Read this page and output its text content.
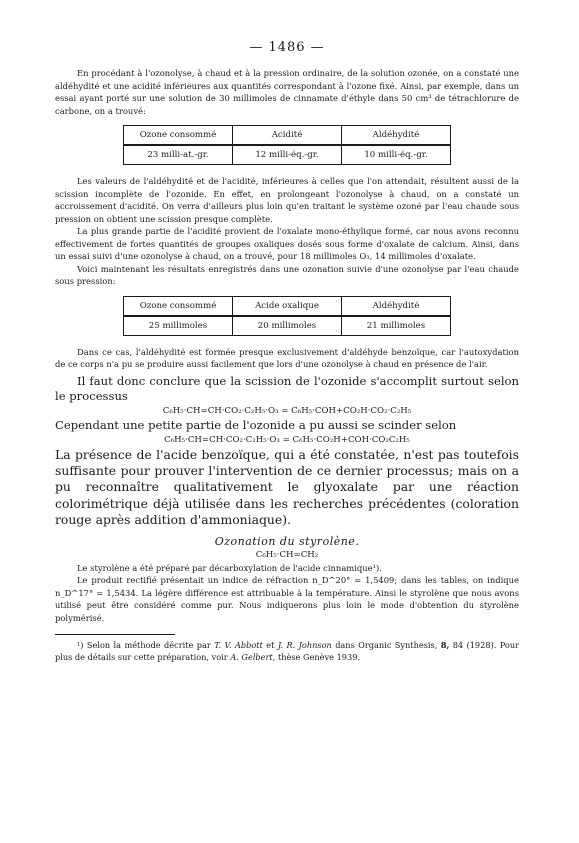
— 1486 —

En procédant à l'ozonolyse, à chaud et à la pression ordinaire, de la solution ozonée, on a constaté une aldéhydité et une acidité inférieures aux quantités correspondant à l'ozone fixé. Ainsi, par exemple, dans un essai ayant porté sur une solution de 30 millimoles de cinnamate d'éthyle dans 50 cm³ de tétrachlorure de carbone, on a trouvé:

Ozone consommé	Acidité	Aldéhydité
23 milli-at.-gr.	12 milli-éq.-gr.	10 milli-éq.-gr.

Les valeurs de l'aldéhydité et de l'acidité, inférieures à celles que l'on attendait, résultent aussi de la scission incomplète de l'ozonide. En effet, en prolongeant l'ozonolyse à chaud, on a constaté un accroissement d'acidité. On verra d'ailleurs plus loin qu'en traitant le système ozoné par l'eau chaude sous pression on obtient une scission presque complète.

La plus grande partie de l'acidité provient de l'oxalate mono-éthylique formé, car nous avons reconnu effectivement de fortes quantités de groupes oxaliques dosés sous forme d'oxalate de calcium. Ainsi, dans un essai suivi d'une ozonolyse à chaud, on a trouvé, pour 18 millimoles O₃, 14 millimoles d'oxalate.

Voici maintenant les résultats enregistrés dans une ozonation suivie d'une ozonolyse par l'eau chaude sous pression:

Ozone consommé	Acide oxalique	Aldéhydité
25 millimoles	20 millimoles	21 millimoles

Dans ce cas, l'aldéhydité est formée presque exclusivement d'aldéhyde benzoïque, car l'autoxydation de ce corps n'a pu se produire aussi facilement que lors d'une ozonolyse à chaud en présence de l'air.

Il faut donc conclure que la scission de l'ozonide s'accomplit surtout selon le processus

C₆H₅·CH=CH·CO₂·C₂H₅·O₃ = C₆H₅·COH+CO₂H·CO₂·C₂H₅

Cependant une petite partie de l'ozonide a pu aussi se scinder selon

C₆H₅·CH=CH·CO₂·C₂H₅·O₃ = C₆H₅·CO₂H+COH·CO₂C₂H₅

La présence de l'acide benzoïque, qui a été constatée, n'est pas toutefois suffisante pour prouver l'intervention de ce dernier processus; mais on a pu reconnaître qualitativement le glyoxalate par une réaction colorimétrique déjà utilisée dans les recherches précédentes (coloration rouge après addition d'ammoniaque).

Ozonation du styrolène.
C₆H₅·CH=CH₂

Le styrolène a été préparé par décarboxylation de l'acide cinnamique¹).

Le produit rectifié présentait un indice de réfraction n_D^20° = 1,5409; dans les tables, on indique n_D^17° = 1,5434. La légère différence est attribuable à la température. Ainsi le styrolène que nous avons utilisé peut être considéré comme pur. Nous indiquerons plus loin le mode d'obtention du styrolène polymérisé.

¹) Selon la méthode décrite par T. V. Abbott et J. R. Johnson dans Organic Synthesis, 8, 84 (1928). Pour plus de détails sur cette préparation, voir A. Gelbert, thèse Genève 1939.
